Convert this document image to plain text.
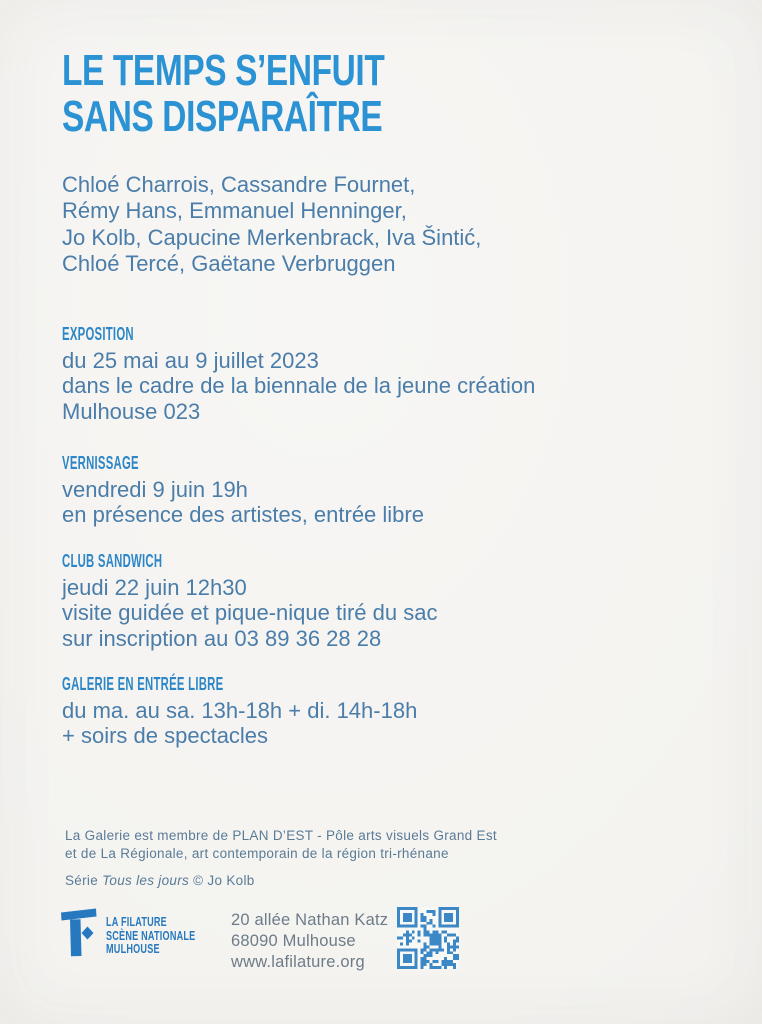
LE TEMPS S’ENFUIT
SANS DISPARAÎTRE
Chloé Charrois, Cassandre Fournet,
Rémy Hans, Emmanuel Henninger,
Jo Kolb, Capucine Merkenbrack, Iva Šintić,
Chloé Tercé, Gaëtane Verbruggen
EXPOSITION
du 25 mai au 9 juillet 2023
dans le cadre de la biennale de la jeune création
Mulhouse 023
VERNISSAGE
vendredi 9 juin 19h
en présence des artistes, entrée libre
CLUB SANDWICH
jeudi 22 juin 12h30
visite guidée et pique-nique tiré du sac
sur inscription au 03 89 36 28 28
GALERIE EN ENTRÉE LIBRE
du ma. au sa. 13h-18h + di. 14h-18h
+ soirs de spectacles
La Galerie est membre de PLAN D’EST - Pôle arts visuels Grand Est
et de La Régionale, art contemporain de la région tri-rhénane
Série Tous les jours © Jo Kolb
LA FILATURE
SCÈNE NATIONALE
MULHOUSE
20 allée Nathan Katz
68090 Mulhouse
www.lafilature.org
